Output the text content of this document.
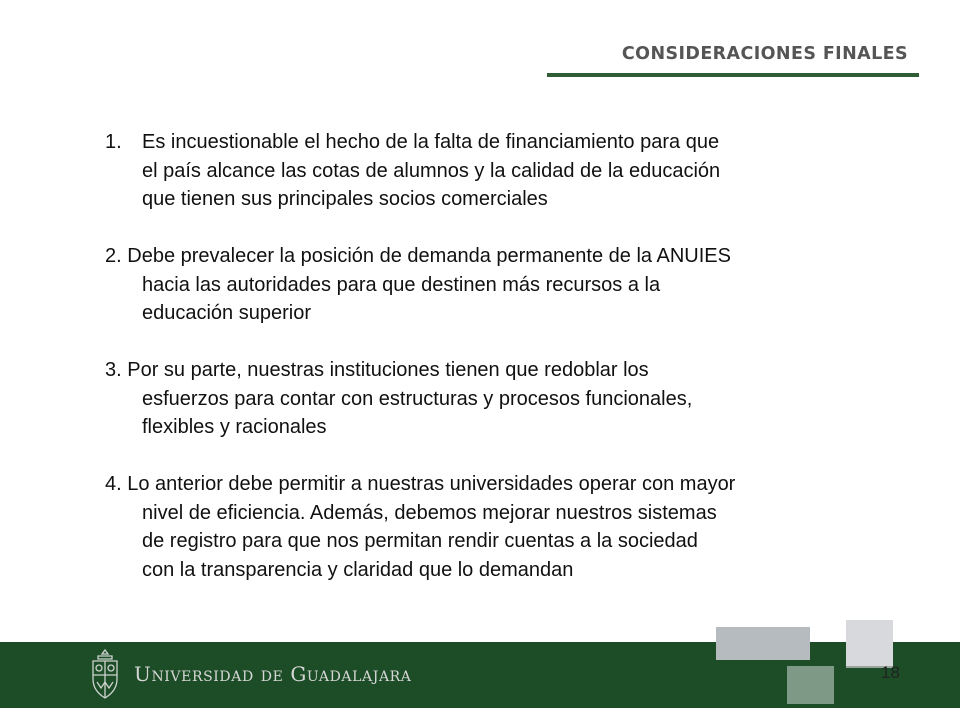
CONSIDERACIONES FINALES
1.	Es incuestionable el hecho de la falta de financiamiento para que
el país alcance las cotas de alumnos y la calidad de la educación
que tienen sus principales socios comerciales
2.
Debe prevalecer la posición de demanda permanente de la ANUIES
hacia las autoridades para que destinen más recursos a la
educación superior
3.
Por su parte, nuestras instituciones tienen que redoblar los
esfuerzos para contar con estructuras y procesos funcionales,
flexibles y racionales
4.
Lo anterior debe permitir a nuestras universidades operar con mayor
nivel de eficiencia. Además, debemos mejorar nuestros sistemas
de registro para que nos permitan rendir cuentas a la sociedad
con la transparencia y claridad que lo demandan
Universidad de Guadalajara	18
